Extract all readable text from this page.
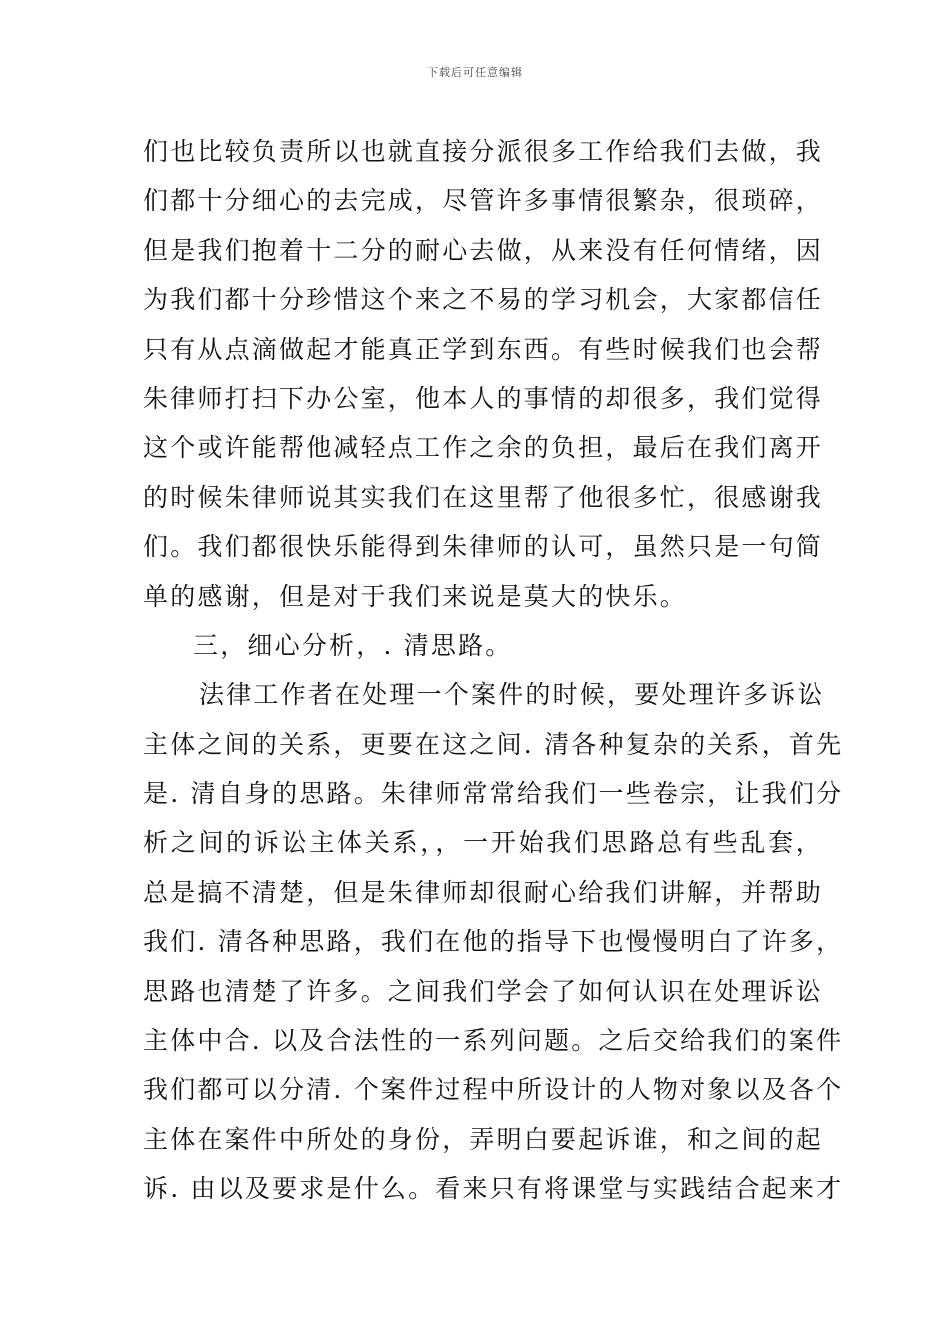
下载后可任意编辑
们也比较负责所以也就直接分派很多工作给我们去做，我
们都十分细心的去完成，尽管许多事情很繁杂，很琐碎，
但是我们抱着十二分的耐心去做，从来没有任何情绪，因
为我们都十分珍惜这个来之不易的学习机会，大家都信任
只有从点滴做起才能真正学到东西。有些时候我们也会帮
朱律师打扫下办公室，他本人的事情的却很多，我们觉得
这个或许能帮他减轻点工作之余的负担，最后在我们离开
的时候朱律师说其实我们在这里帮了他很多忙，很感谢我
们。我们都很快乐能得到朱律师的认可，虽然只是一句简
单的感谢，但是对于我们来说是莫大的快乐。
三，细心分析，. 清思路。
法律工作者在处理一个案件的时候，要处理许多诉讼
主体之间的关系，更要在这之间. 清各种复杂的关系，首先
是. 清自身的思路。朱律师常常给我们一些卷宗，让我们分
析之间的诉讼主体关系，，一开始我们思路总有些乱套，
总是搞不清楚，但是朱律师却很耐心给我们讲解，并帮助
我们. 清各种思路，我们在他的指导下也慢慢明白了许多，
思路也清楚了许多。之间我们学会了如何认识在处理诉讼
主体中合. 以及合法性的一系列问题。之后交给我们的案件
我们都可以分清. 个案件过程中所设计的人物对象以及各个
主体在案件中所处的身份，弄明白要起诉谁，和之间的起
诉. 由以及要求是什么。看来只有将课堂与实践结合起来才
